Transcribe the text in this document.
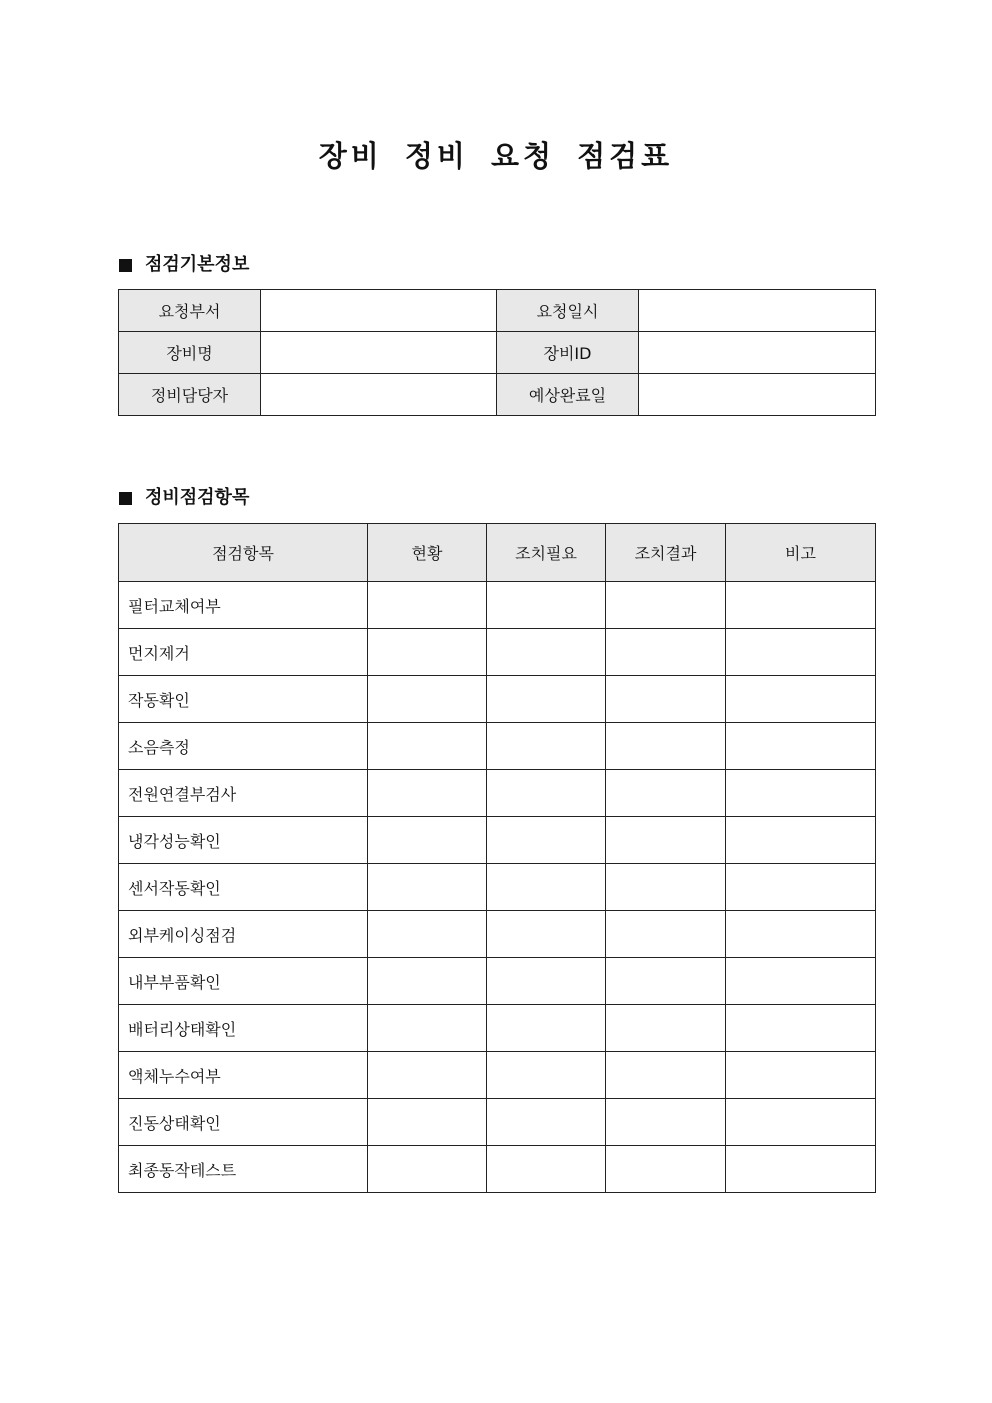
장비 정비 요청 점검표
점검기본정보
요청부서		요청일시	
장비명		장비ID	
정비담당자		예상완료일	
정비점검항목
점검항목	현황	조치필요	조치결과	비고
필터교체여부				
먼지제거				
작동확인				
소음측정				
전원연결부검사				
냉각성능확인				
센서작동확인				
외부케이싱점검				
내부부품확인				
배터리상태확인				
액체누수여부				
진동상태확인				
최종동작테스트				
